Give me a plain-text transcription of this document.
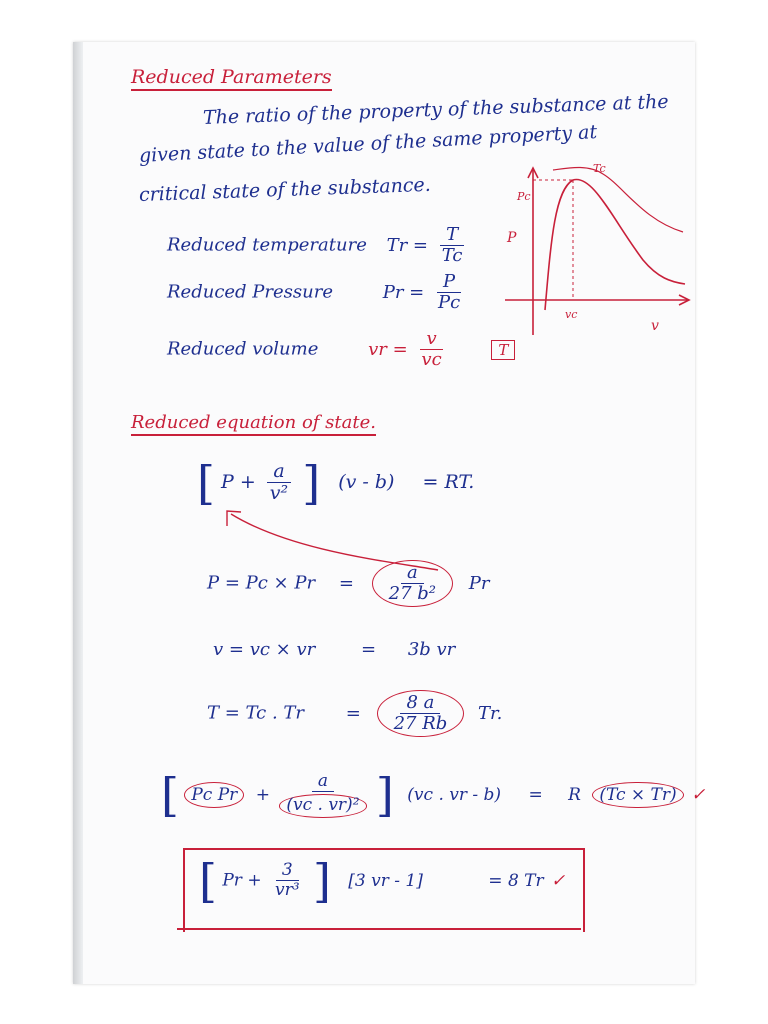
Reduced Parameters
The ratio of the property of the substance at the
given state to the value of the same property at
critical state of the substance.
Reduced temperature $Tr = \frac{T}{Tc}$
Reduced Pressure	$Pr = \frac{P}{Pc}$
Reduced volume	vr = $\frac{v}{vc}$	T
P
Pc
v
vc
Tc
Reduced equation of state.
[ $P + \frac{a}{\text{v²}}$ ] (v - b) = RT.
$P = Pc \times Pr = \frac{a}{\text{27 b²}}$ Pr
v = vc × vr	= 3b vr
T = Tc . $Tr = \frac{8 a}{27 Rb} Tr$.
[ Pc $Pr + \frac{a}{\text{(vc . vr)²}}$ ] (vc . vr - b) = R (Tc × Tr) ✓
[ $Pr + \frac{3}{\text{vr³}}$ ] [3 vr - 1]	= 8 Tr ✓
